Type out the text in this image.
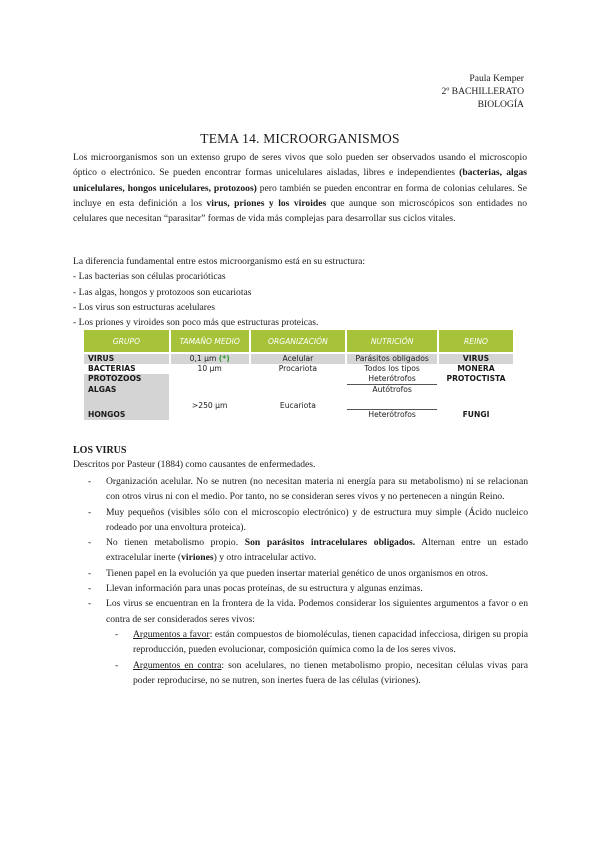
Paula Kemper
2º BACHILLERATO
BIOLOGÍA
TEMA 14. MICROORGANISMOS
Los microorganismos son un extenso grupo de seres vivos que solo pueden ser observados usando el microscopio óptico o electrónico. Se pueden encontrar formas unicelulares aisladas, libres e independientes (bacterias, algas unicelulares, hongos unicelulares, protozoos) pero también se pueden encontrar en forma de colonias celulares. Se incluye en esta definición a los virus, priones y los viroides que aunque son microscópicos son entidades no celulares que necesitan “parasitar” formas de vida más complejas para desarrollar sus ciclos vitales.
La diferencia fundamental entre estos microorganismo está en su estructura:
- Las bacterias son células procarióticas
- Las algas, hongos y protozoos son eucariotas
- Los virus son estructuras acelulares
- Los priones y viroides son poco más que estructuras proteicas.
GRUPO	TAMAÑO MEDIO	ORGANIZACIÓN	NUTRICIÓN	REINO
VIRUS	0,1 µm (*)	Acelular	Parásitos obligados	VIRUS
BACTERIAS	10 µm	Procariota	Todos los tipos	MONERA
PROTOZOOS	>250 µm	Eucariota	Heterótrofos	PROTOCTISTA
ALGAS			Autótrofos	
HONGOS			Heterótrofos	FUNGI
LOS VIRUS
Descritos por Pasteur (1884) como causantes de enfermedades.
- Organización acelular. No se nutren (no necesitan materia ni energía para su metabolismo) ni se relacionan con otros virus ni con el medio. Por tanto, no se consideran seres vivos y no pertenecen a ningún Reino.
- Muy pequeños (visibles sólo con el microscopio electrónico) y de estructura muy simple (Ácido nucleico rodeado por una envoltura proteica).
- No tienen metabolismo propio. Son parásitos intracelulares obligados. Alternan entre un estado extracelular inerte (viriones) y otro intracelular activo.
- Tienen papel en la evolución ya que pueden insertar material genético de unos organismos en otros.
- Llevan información para unas pocas proteínas, de su estructura y algunas enzimas.
- Los virus se encuentran en la frontera de la vida. Podemos considerar los siguientes argumentos a favor o en contra de ser considerados seres vivos:
- Argumentos a favor: están compuestos de biomoléculas, tienen capacidad infecciosa, dirigen su propia reproducción, pueden evolucionar, composición química como la de los seres vivos.
- Argumentos en contra: son acelulares, no tienen metabolismo propio, necesitan células vivas para poder reproducirse, no se nutren, son inertes fuera de las células (viriones).
